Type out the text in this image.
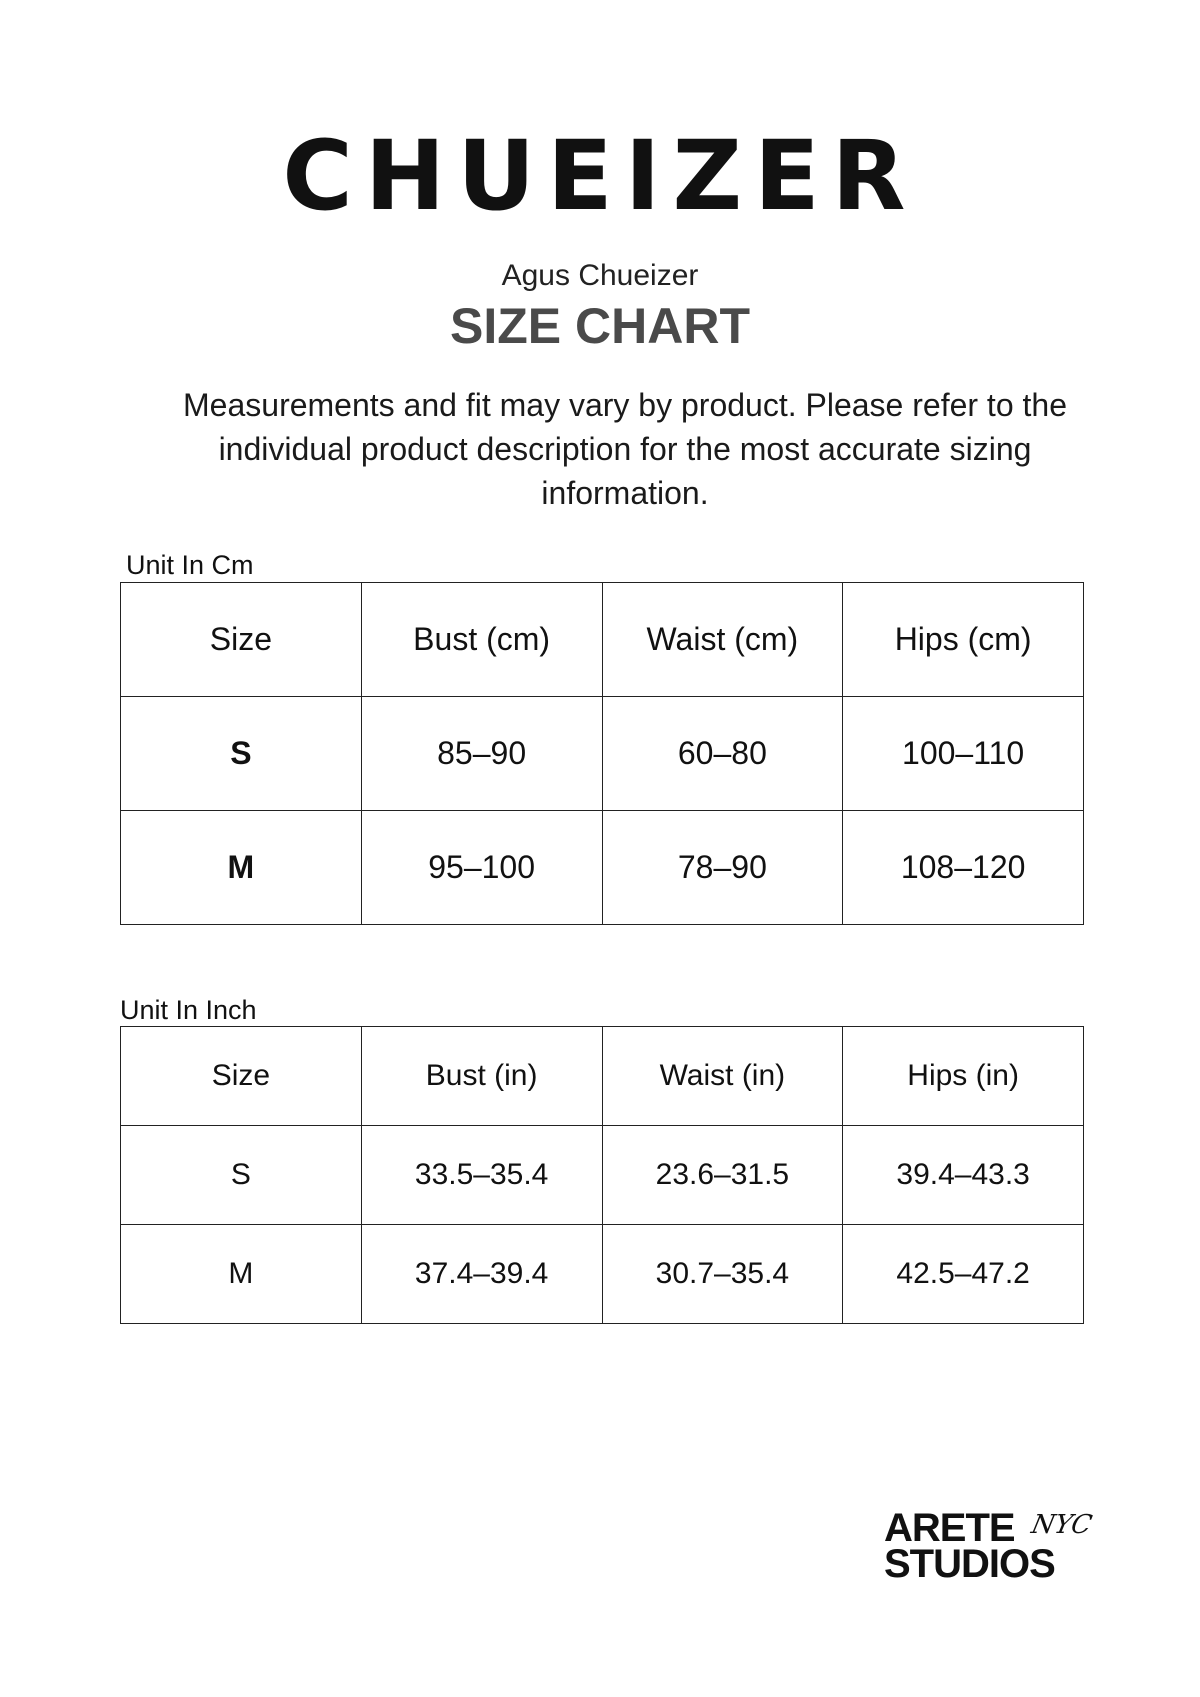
CHUEIZER
Agus Chueizer
SIZE CHART
Measurements and fit may vary by product. Please refer to the individual product description for the most accurate sizing information.
Unit In Cm
Size	Bust (cm)	Waist (cm)	Hips (cm)
S	85–90	60–80	100–110
M	95–100	78–90	108–120
Unit In Inch
Size	Bust (in)	Waist (in)	Hips (in)
S	33.5–35.4	23.6–31.5	39.4–43.3
M	37.4–39.4	30.7–35.4	42.5–47.2
ARETE NYC
STUDIOS
